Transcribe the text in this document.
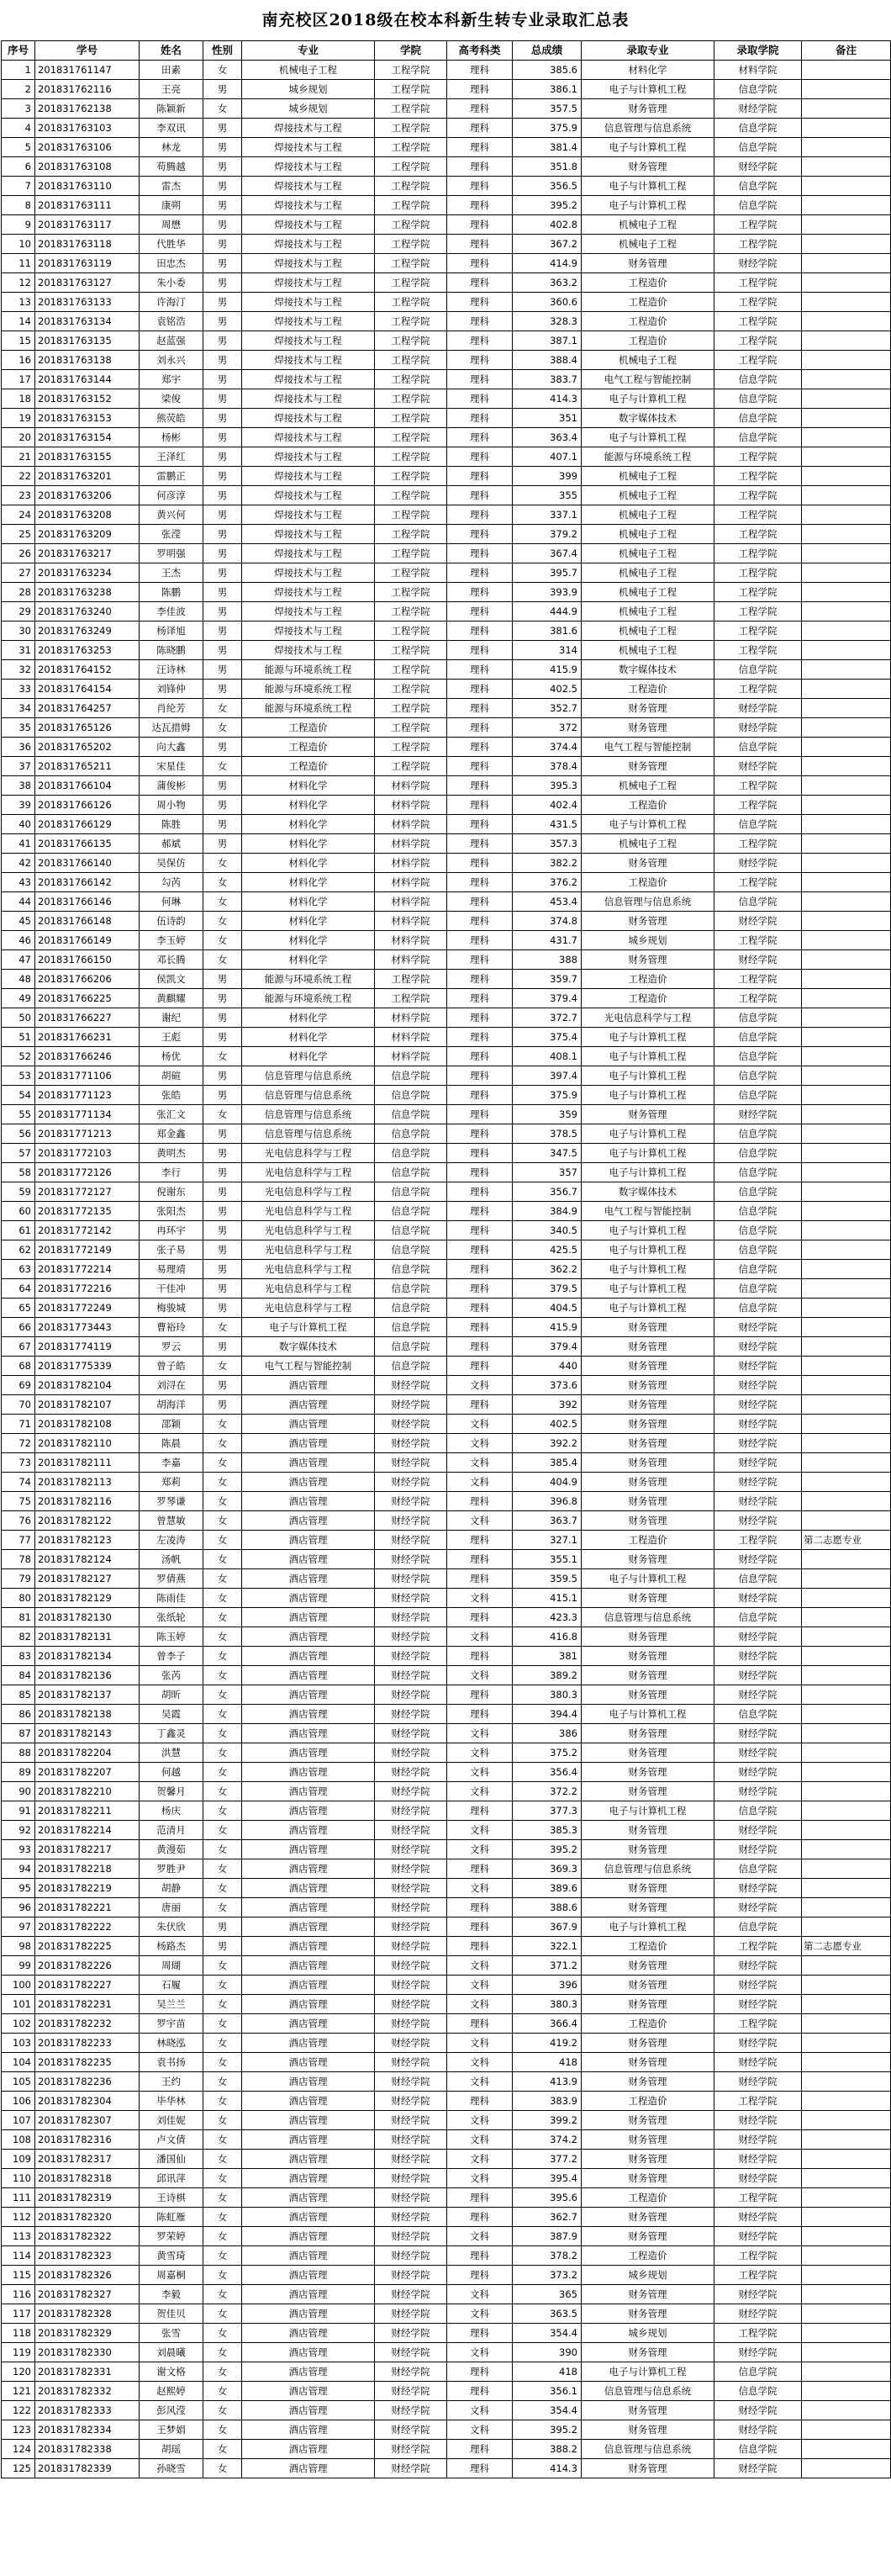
南充校区2018级在校本科新生转专业录取汇总表
序号	学号	姓名	性别	专业	学院	高考科类	总成绩	录取专业	录取学院	备注
1	201831761147	田素	女	机械电子工程	工程学院	理科	385.6	材料化学	材料学院	
2	201831762116	王亮	男	城乡规划	工程学院	理科	386.1	电子与计算机工程	信息学院	
3	201831762138	陈颖新	女	城乡规划	工程学院	理科	357.5	财务管理	财经学院	
4	201831763103	李双讯	男	焊接技术与工程	工程学院	理科	375.9	信息管理与信息系统	信息学院	
5	201831763106	林龙	男	焊接技术与工程	工程学院	理科	381.4	电子与计算机工程	信息学院	
6	201831763108	苟腾越	男	焊接技术与工程	工程学院	理科	351.8	财务管理	财经学院	
7	201831763110	雷杰	男	焊接技术与工程	工程学院	理科	356.5	电子与计算机工程	信息学院	
8	201831763111	康朔	男	焊接技术与工程	工程学院	理科	395.2	电子与计算机工程	信息学院	
9	201831763117	周懋	男	焊接技术与工程	工程学院	理科	402.8	机械电子工程	工程学院	
10	201831763118	代胜华	男	焊接技术与工程	工程学院	理科	367.2	机械电子工程	工程学院	
11	201831763119	田忠杰	男	焊接技术与工程	工程学院	理科	414.9	财务管理	财经学院	
12	201831763127	朱小委	男	焊接技术与工程	工程学院	理科	363.2	工程造价	工程学院	
13	201831763133	许海汀	男	焊接技术与工程	工程学院	理科	360.6	工程造价	工程学院	
14	201831763134	袁铭浩	男	焊接技术与工程	工程学院	理科	328.3	工程造价	工程学院	
15	201831763135	赵蓝强	男	焊接技术与工程	工程学院	理科	387.1	工程造价	工程学院	
16	201831763138	刘永兴	男	焊接技术与工程	工程学院	理科	388.4	机械电子工程	工程学院	
17	201831763144	郑宇	男	焊接技术与工程	工程学院	理科	383.7	电气工程与智能控制	信息学院	
18	201831763152	梁俊	男	焊接技术与工程	工程学院	理科	414.3	电子与计算机工程	信息学院	
19	201831763153	熊荧皓	男	焊接技术与工程	工程学院	理科	351	数字媒体技术	信息学院	
20	201831763154	杨彬	男	焊接技术与工程	工程学院	理科	363.4	电子与计算机工程	信息学院	
21	201831763155	王泽红	男	焊接技术与工程	工程学院	理科	407.1	能源与环境系统工程	工程学院	
22	201831763201	雷鹏正	男	焊接技术与工程	工程学院	理科	399	机械电子工程	工程学院	
23	201831763206	何彦淳	男	焊接技术与工程	工程学院	理科	355	机械电子工程	工程学院	
24	201831763208	黄兴何	男	焊接技术与工程	工程学院	理科	337.1	机械电子工程	工程学院	
25	201831763209	张滢	男	焊接技术与工程	工程学院	理科	379.2	机械电子工程	工程学院	
26	201831763217	罗明强	男	焊接技术与工程	工程学院	理科	367.4	机械电子工程	工程学院	
27	201831763234	王杰	男	焊接技术与工程	工程学院	理科	395.7	机械电子工程	工程学院	
28	201831763238	陈鹏	男	焊接技术与工程	工程学院	理科	393.9	机械电子工程	工程学院	
29	201831763240	李佳波	男	焊接技术与工程	工程学院	理科	444.9	机械电子工程	工程学院	
30	201831763249	杨译旭	男	焊接技术与工程	工程学院	理科	381.6	机械电子工程	工程学院	
31	201831763253	陈晓鹏	男	焊接技术与工程	工程学院	理科	314	机械电子工程	工程学院	
32	201831764152	汪诗林	男	能源与环境系统工程	工程学院	理科	415.9	数字媒体技术	信息学院	
33	201831764154	刘锋仲	男	能源与环境系统工程	工程学院	理科	402.5	工程造价	工程学院	
34	201831764257	肖纶芳	女	能源与环境系统工程	工程学院	理科	352.7	财务管理	财经学院	
35	201831765126	达瓦措姆	女	工程造价	工程学院	理科	372	财务管理	财经学院	
36	201831765202	向大鑫	男	工程造价	工程学院	理科	374.4	电气工程与智能控制	信息学院	
37	201831765211	宋星佳	女	工程造价	工程学院	理科	378.4	财务管理	财经学院	
38	201831766104	蒲俊彬	男	材料化学	材料学院	理科	395.3	机械电子工程	工程学院	
39	201831766126	周小物	男	材料化学	材料学院	理科	402.4	工程造价	工程学院	
40	201831766129	陈胜	男	材料化学	材料学院	理科	431.5	电子与计算机工程	信息学院	
41	201831766135	郝斌	男	材料化学	材料学院	理科	357.3	机械电子工程	工程学院	
42	201831766140	吴保仿	女	材料化学	材料学院	理科	382.2	财务管理	财经学院	
43	201831766142	勾芮	女	材料化学	材料学院	理科	376.2	工程造价	工程学院	
44	201831766146	何琳	女	材料化学	材料学院	理科	453.4	信息管理与信息系统	信息学院	
45	201831766148	伍诗韵	女	材料化学	材料学院	理科	374.8	财务管理	财经学院	
46	201831766149	李玉婷	女	材料化学	材料学院	理科	431.7	城乡规划	工程学院	
47	201831766150	邓长腾	女	材料化学	材料学院	理科	388	财务管理	财经学院	
48	201831766206	侯凯文	男	能源与环境系统工程	工程学院	理科	359.7	工程造价	工程学院	
49	201831766225	黄麒耀	男	能源与环境系统工程	工程学院	理科	379.4	工程造价	工程学院	
50	201831766227	谢纪	男	材料化学	材料学院	理科	372.7	光电信息科学与工程	信息学院	
51	201831766231	王彪	男	材料化学	材料学院	理科	375.4	电子与计算机工程	信息学院	
52	201831766246	杨优	女	材料化学	材料学院	理科	408.1	电子与计算机工程	信息学院	
53	201831771106	胡碹	男	信息管理与信息系统	信息学院	理科	397.4	电子与计算机工程	信息学院	
54	201831771123	张皓	男	信息管理与信息系统	信息学院	理科	375.9	电子与计算机工程	信息学院	
55	201831771134	张汇文	女	信息管理与信息系统	信息学院	理科	359	财务管理	财经学院	
56	201831771213	郑金鑫	男	信息管理与信息系统	信息学院	理科	378.5	电子与计算机工程	信息学院	
57	201831772103	黄明杰	男	光电信息科学与工程	信息学院	理科	347.5	电子与计算机工程	信息学院	
58	201831772126	李行	男	光电信息科学与工程	信息学院	理科	357	电子与计算机工程	信息学院	
59	201831772127	倪谢东	男	光电信息科学与工程	信息学院	理科	356.7	数字媒体技术	信息学院	
60	201831772135	张阳杰	男	光电信息科学与工程	信息学院	理科	384.9	电气工程与智能控制	信息学院	
61	201831772142	冉环宇	男	光电信息科学与工程	信息学院	理科	340.5	电子与计算机工程	信息学院	
62	201831772149	张子易	男	光电信息科学与工程	信息学院	理科	425.5	电子与计算机工程	信息学院	
63	201831772214	易理靖	男	光电信息科学与工程	信息学院	理科	362.2	电子与计算机工程	信息学院	
64	201831772216	干佳冲	男	光电信息科学与工程	信息学院	理科	379.5	电子与计算机工程	信息学院	
65	201831772249	梅骏城	男	光电信息科学与工程	信息学院	理科	404.5	电子与计算机工程	信息学院	
66	201831773443	曹裕玲	女	电子与计算机工程	信息学院	理科	415.9	财务管理	财经学院	
67	201831774119	罗云	男	数字媒体技术	信息学院	理科	379.4	财务管理	财经学院	
68	201831775339	曾子皓	女	电气工程与智能控制	信息学院	理科	440	财务管理	财经学院	
69	201831782104	刘浔在	男	酒店管理	财经学院	文科	373.6	财务管理	财经学院	
70	201831782107	胡海洋	男	酒店管理	财经学院	理科	392	财务管理	财经学院	
71	201831782108	邵颖	女	酒店管理	财经学院	文科	402.5	财务管理	财经学院	
72	201831782110	陈晨	女	酒店管理	财经学院	文科	392.2	财务管理	财经学院	
73	201831782111	李嘉	女	酒店管理	财经学院	文科	385.4	财务管理	财经学院	
74	201831782113	郑莉	女	酒店管理	财经学院	文科	404.9	财务管理	财经学院	
75	201831782116	罗琴谦	女	酒店管理	财经学院	理科	396.8	财务管理	财经学院	
76	201831782122	曾慧敏	女	酒店管理	财经学院	文科	363.7	财务管理	财经学院	
77	201831782123	左凌涛	女	酒店管理	财经学院	理科	327.1	工程造价	工程学院	第二志愿专业
78	201831782124	汤帆	女	酒店管理	财经学院	理科	355.1	财务管理	财经学院	
79	201831782127	罗倩燕	女	酒店管理	财经学院	理科	359.5	电子与计算机工程	信息学院	
80	201831782129	陈雨佳	女	酒店管理	财经学院	文科	415.1	财务管理	财经学院	
81	201831782130	张纸轮	女	酒店管理	财经学院	理科	423.3	信息管理与信息系统	信息学院	
82	201831782131	陈玉婷	女	酒店管理	财经学院	文科	416.8	财务管理	财经学院	
83	201831782134	曾李子	女	酒店管理	财经学院	理科	381	财务管理	财经学院	
84	201831782136	张芮	女	酒店管理	财经学院	文科	389.2	财务管理	财经学院	
85	201831782137	胡昕	女	酒店管理	财经学院	理科	380.3	财务管理	财经学院	
86	201831782138	吴霞	女	酒店管理	财经学院	理科	394.4	电子与计算机工程	信息学院	
87	201831782143	丁鑫灵	女	酒店管理	财经学院	文科	386	财务管理	财经学院	
88	201831782204	洪慧	女	酒店管理	财经学院	文科	375.2	财务管理	财经学院	
89	201831782207	何越	女	酒店管理	财经学院	文科	356.4	财务管理	财经学院	
90	201831782210	贺馨月	女	酒店管理	财经学院	文科	372.2	财务管理	财经学院	
91	201831782211	杨庆	女	酒店管理	财经学院	理科	377.3	电子与计算机工程	信息学院	
92	201831782214	范清月	女	酒店管理	财经学院	文科	385.3	财务管理	财经学院	
93	201831782217	黄漫茹	女	酒店管理	财经学院	文科	395.2	财务管理	财经学院	
94	201831782218	罗胜尹	女	酒店管理	财经学院	理科	369.3	信息管理与信息系统	信息学院	
95	201831782219	胡静	女	酒店管理	财经学院	文科	389.6	财务管理	财经学院	
96	201831782221	唐丽	女	酒店管理	财经学院	理科	388.6	财务管理	财经学院	
97	201831782222	朱伏欣	男	酒店管理	财经学院	理科	367.9	电子与计算机工程	信息学院	
98	201831782225	杨路杰	男	酒店管理	财经学院	理科	322.1	工程造价	工程学院	第二志愿专业
99	201831782226	周瑚	女	酒店管理	财经学院	文科	371.2	财务管理	财经学院	
100	201831782227	石履	女	酒店管理	财经学院	文科	396	财务管理	财经学院	
101	201831782231	吴兰兰	女	酒店管理	财经学院	文科	380.3	财务管理	财经学院	
102	201831782232	罗宇苗	女	酒店管理	财经学院	理科	366.4	工程造价	工程学院	
103	201831782233	林晓泓	女	酒店管理	财经学院	文科	419.2	财务管理	财经学院	
104	201831782235	袁书扬	女	酒店管理	财经学院	文科	418	财务管理	财经学院	
105	201831782236	王约	女	酒店管理	财经学院	文科	413.9	财务管理	财经学院	
106	201831782304	毕华林	女	酒店管理	财经学院	理科	383.9	工程造价	工程学院	
107	201831782307	刘佳妮	女	酒店管理	财经学院	文科	399.2	财务管理	财经学院	
108	201831782316	卢文倩	女	酒店管理	财经学院	文科	374.2	财务管理	财经学院	
109	201831782317	潘国仙	女	酒店管理	财经学院	文科	377.2	财务管理	财经学院	
110	201831782318	邱讯萍	女	酒店管理	财经学院	文科	395.4	财务管理	财经学院	
111	201831782319	王诗棋	女	酒店管理	财经学院	理科	395.6	工程造价	工程学院	
112	201831782320	陈虹雁	女	酒店管理	财经学院	理科	362.7	财务管理	财经学院	
113	201831782322	罗荣婷	女	酒店管理	财经学院	文科	387.9	财务管理	财经学院	
114	201831782323	黄雪琦	女	酒店管理	财经学院	理科	378.2	工程造价	工程学院	
115	201831782326	周嘉桐	女	酒店管理	财经学院	理科	373.2	城乡规划	工程学院	
116	201831782327	李毅	女	酒店管理	财经学院	文科	365	财务管理	财经学院	
117	201831782328	贺佳贝	女	酒店管理	财经学院	文科	363.5	财务管理	财经学院	
118	201831782329	张雪	女	酒店管理	财经学院	理科	354.4	城乡规划	工程学院	
119	201831782330	刘晨曦	女	酒店管理	财经学院	文科	390	财务管理	财经学院	
120	201831782331	谢文格	女	酒店管理	财经学院	理科	418	电子与计算机工程	信息学院	
121	201831782332	赵熙婷	女	酒店管理	财经学院	理科	356.1	信息管理与信息系统	信息学院	
122	201831782333	彭风滢	女	酒店管理	财经学院	文科	354.4	财务管理	财经学院	
123	201831782334	王梦娟	女	酒店管理	财经学院	文科	395.2	财务管理	财经学院	
124	201831782338	胡瑶	女	酒店管理	财经学院	理科	388.2	信息管理与信息系统	信息学院	
125	201831782339	孙晓雪	女	酒店管理	财经学院	理科	414.3	财务管理	财经学院	
